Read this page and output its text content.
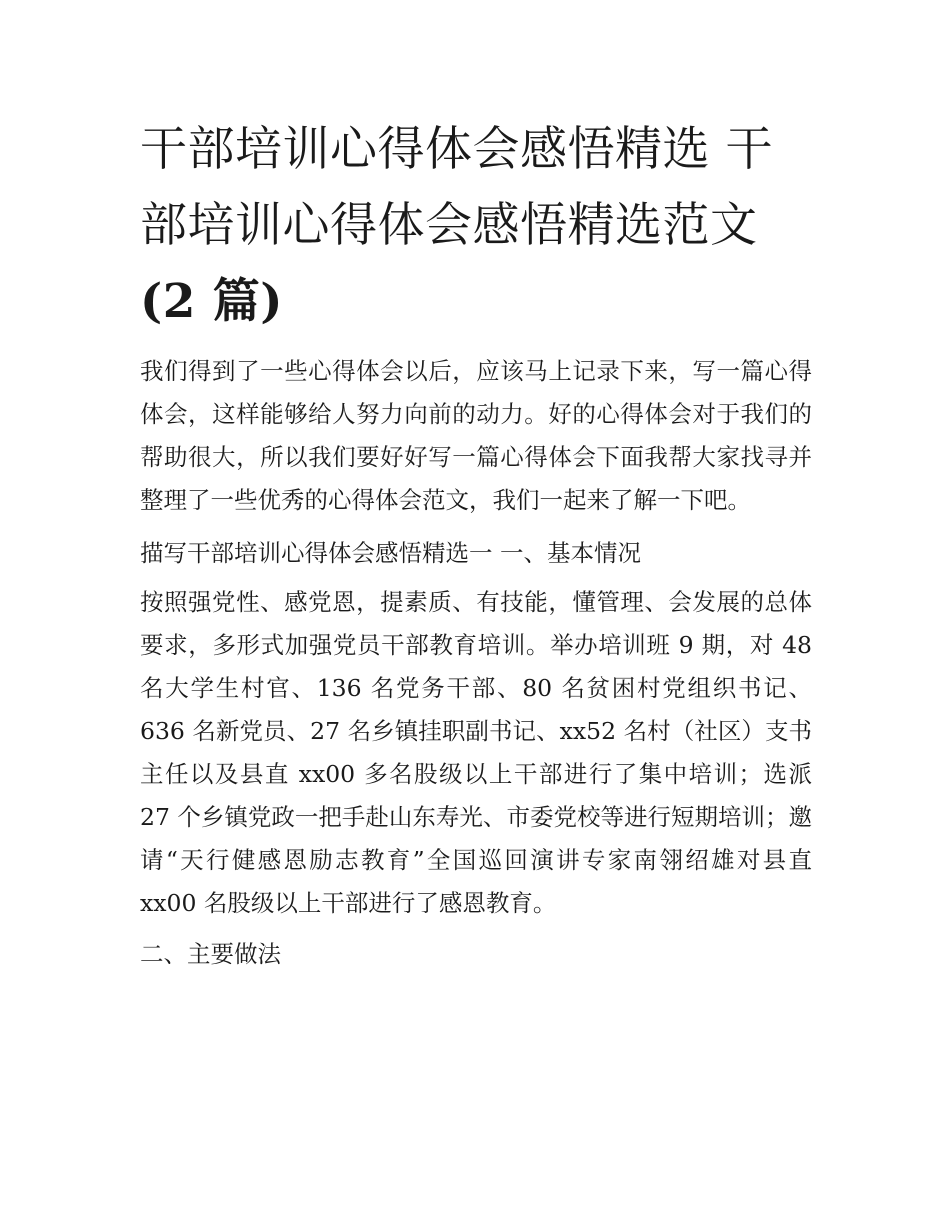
干部培训心得体会感悟精选 干
部培训心得体会感悟精选范文
(2 篇)

我们得到了一些心得体会以后，应该马上记录下来，写一篇心得体会，这样能够给人努力向前的动力。好的心得体会对于我们的帮助很大，所以我们要好好写一篇心得体会下面我帮大家找寻并整理了一些优秀的心得体会范文，我们一起来了解一下吧。

描写干部培训心得体会感悟精选一 一、基本情况

按照强党性、感党恩，提素质、有技能，懂管理、会发展的总体要求，多形式加强党员干部教育培训。举办培训班 9 期，对 48 名大学生村官、136 名党务干部、80 名贫困村党组织书记、636 名新党员、27 名乡镇挂职副书记、xx52 名村（社区）支书主任以及县直 xx00 多名股级以上干部进行了集中培训；选派 27 个乡镇党政一把手赴山东寿光、市委党校等进行短期培训；邀请“天行健感恩励志教育”全国巡回演讲专家南翎绍雄对县直 xx00 名股级以上干部进行了感恩教育。

二、主要做法
